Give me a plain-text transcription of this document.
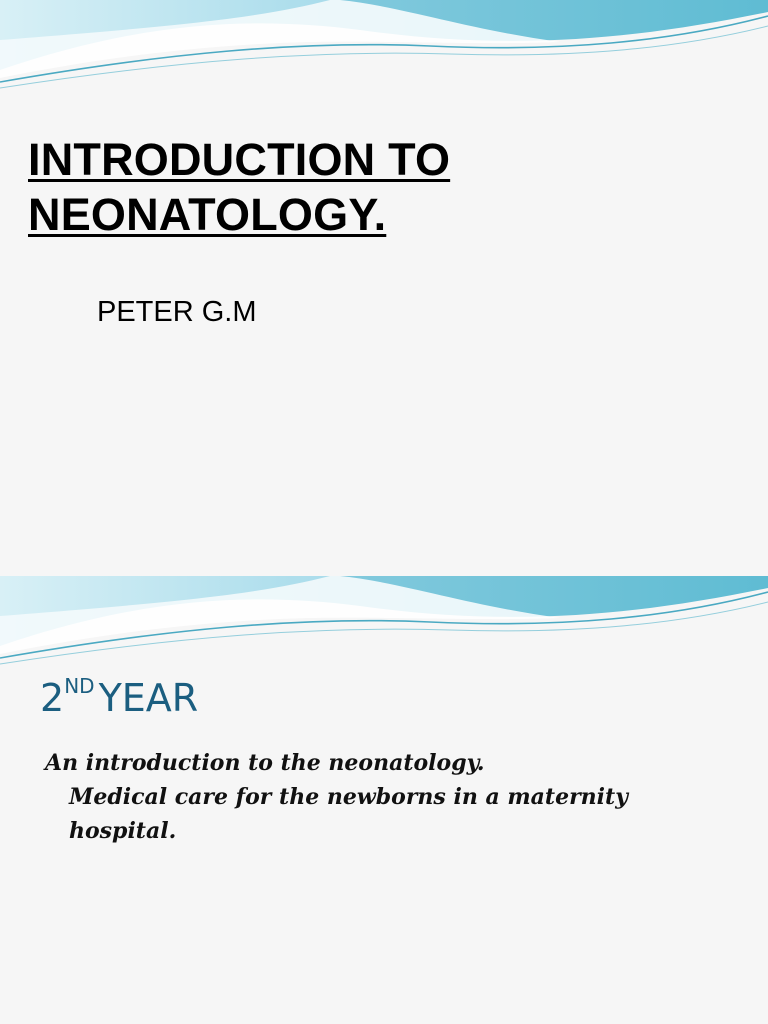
INTRODUCTION TO
NEONATOLOGY.
PETER G.M
2ND YEAR
An introduction to the neonatology.
Medical care for the newborns in a maternity
hospital.
